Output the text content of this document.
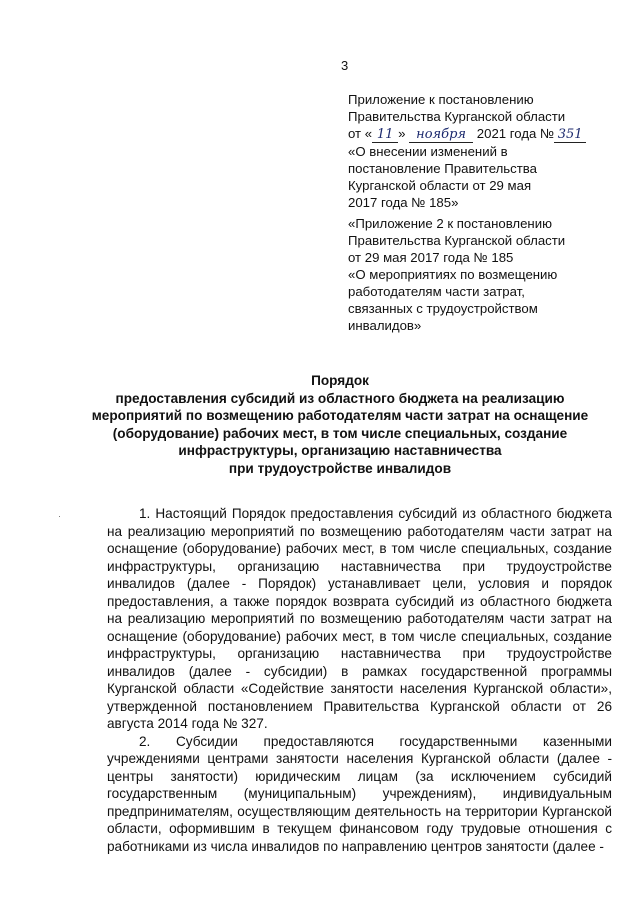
3
Приложение к постановлению
Правительства Курганской области
от « 11 » ноября 2021 года № 351
«О внесении изменений в
постановление Правительства
Курганской области от 29 мая
2017 года № 185»
«Приложение 2 к постановлению
Правительства Курганской области
от 29 мая 2017 года № 185
«О мероприятиях по возмещению
работодателям части затрат,
связанных с трудоустройством
инвалидов»
Порядок
предоставления субсидий из областного бюджета на реализацию
мероприятий по возмещению работодателям части затрат на оснащение
(оборудование) рабочих мест, в том числе специальных, создание
инфраструктуры, организацию наставничества
при трудоустройстве инвалидов
·	1. Настоящий Порядок предоставления субсидий из областного бюджета на реализацию мероприятий по возмещению работодателям части затрат на оснащение (оборудование) рабочих мест, в том числе специальных, создание инфраструктуры, организацию наставничества при трудоустройстве инвалидов (далее - Порядок) устанавливает цели, условия и порядок предоставления, а также порядок возврата субсидий из областного бюджета на реализацию мероприятий по возмещению работодателям части затрат на оснащение (оборудование) рабочих мест, в том числе специальных, создание инфраструктуры, организацию наставничества при трудоустройстве инвалидов (далее - субсидии) в рамках государственной программы Курганской области «Содействие занятости населения Курганской области», утвержденной постановлением Правительства Курганской области от 26 августа 2014 года № 327.

2. Субсидии предоставляются государственными казенными учреждениями центрами занятости населения Курганской области (далее - центры занятости) юридическим лицам (за исключением субсидий государственным (муниципальным) учреждениям), индивидуальным предпринимателям, осуществляющим деятельность на территории Курганской области, оформившим в текущем финансовом году трудовые отношения с работниками из числа инвалидов по направлению центров занятости (далее -
